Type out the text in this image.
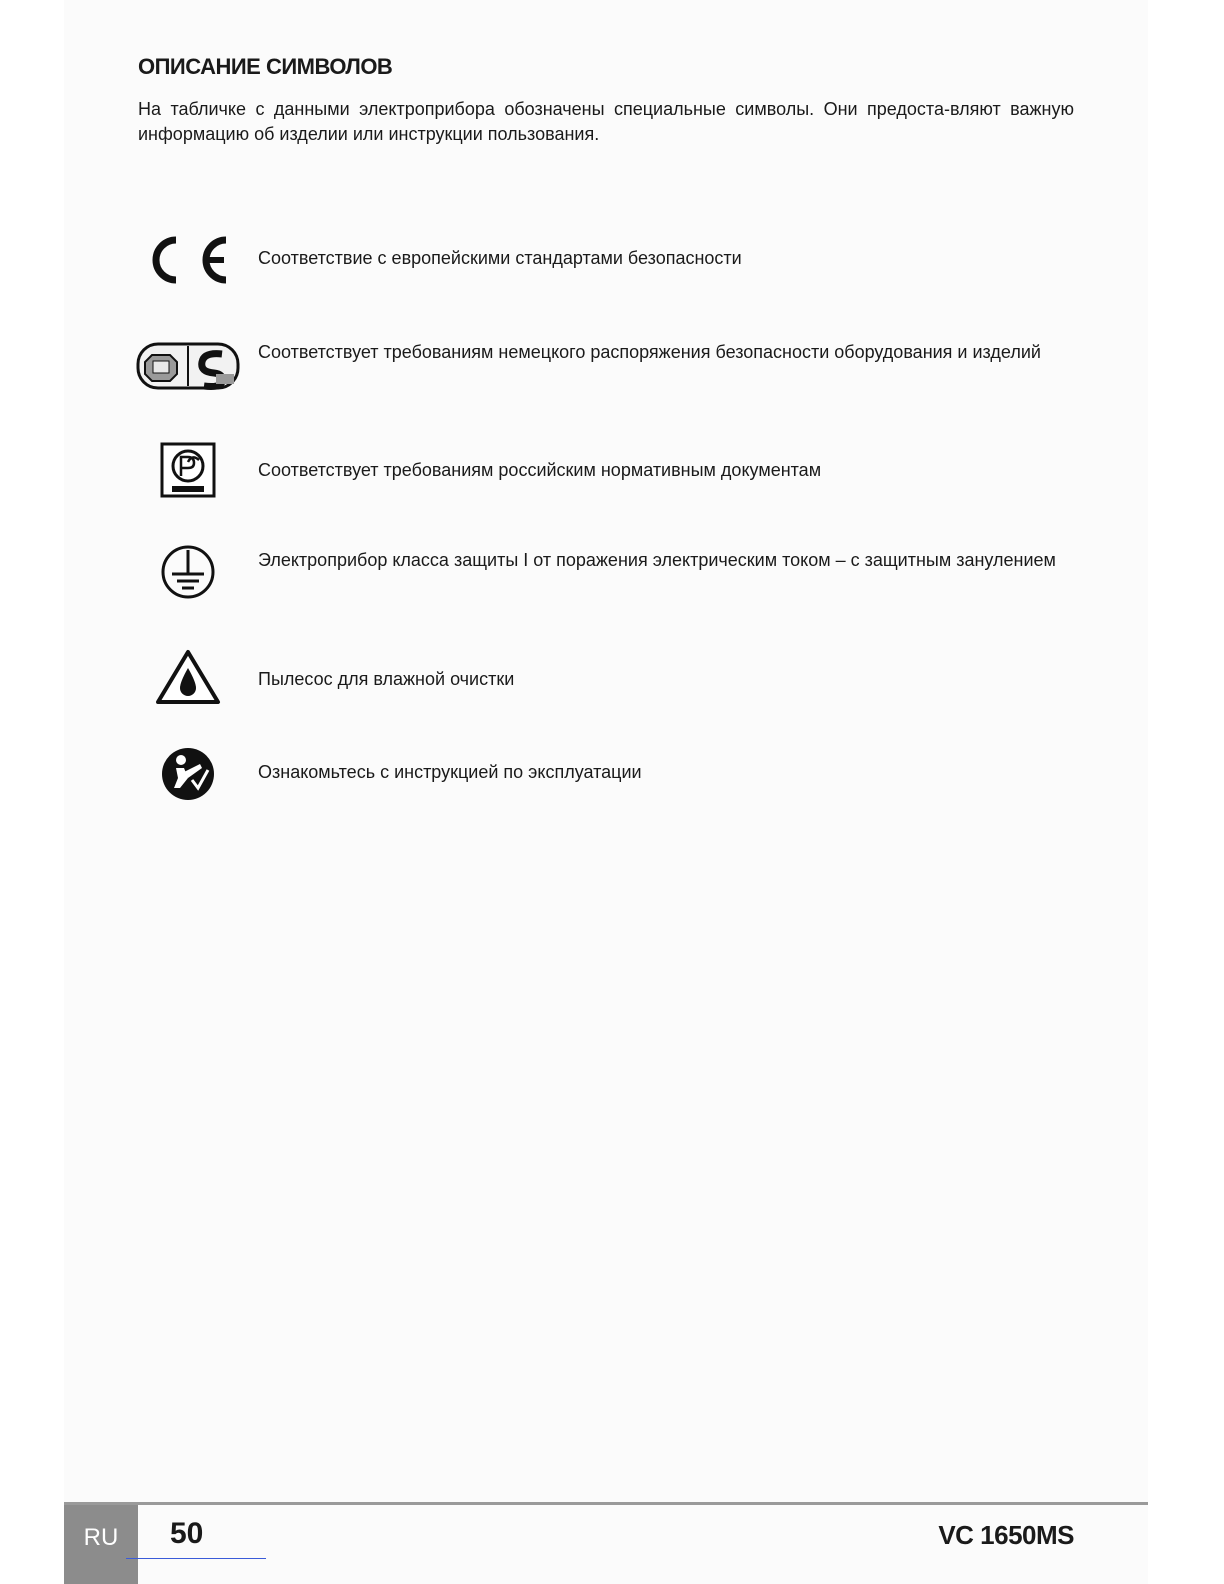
ОПИСАНИЕ СИМВОЛОВ
На табличке с данными электроприбора обозначены специальные символы. Они предоста-вляют важную информацию об изделии или инструкции пользования.
Соответствие с европейскими стандартами безопасности
Соответствует требованиям немецкого распоряжения безопасности оборудования и изделий
Соответствует требованиям российским нормативным документам
Электроприбор класса защиты I от поражения электрическим током – с защитным занулением
Пылесос для влажной очистки
Ознакомьтесь с инструкцией по эксплуатации
RU	50	VC 1650MS
